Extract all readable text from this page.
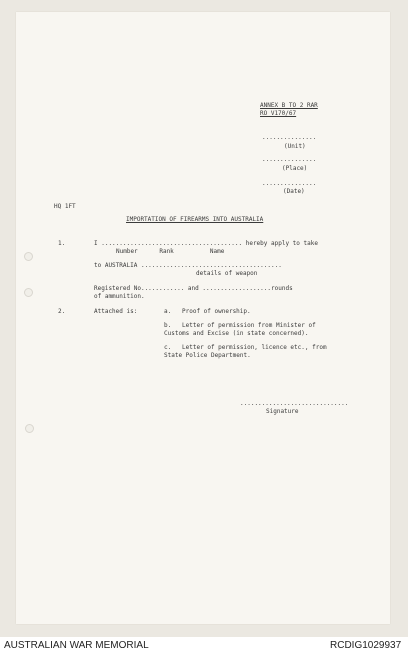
ANNEX B TO 2 RAR
RO V170/67
...............
(Unit)
...............
(Place)
...............
(Date)
HQ 1FT
IMPORTATION OF FIREARMS INTO AUSTRALIA
1.	I ....................................... hereby apply to take
Number      Rank          Name
to AUSTRALIA .......................................
details of weapon
Registered No............ and ...................rounds
of ammunition.
2.	Attached is:	a. Proof of ownership.
b.   Letter of permission from Minister of
Customs and Excise (in state concerned).
c.   Letter of permission, licence etc., from
State Police Department.
..............................
Signature
AUSTRALIAN WAR MEMORIAL	RCDIG1029937
